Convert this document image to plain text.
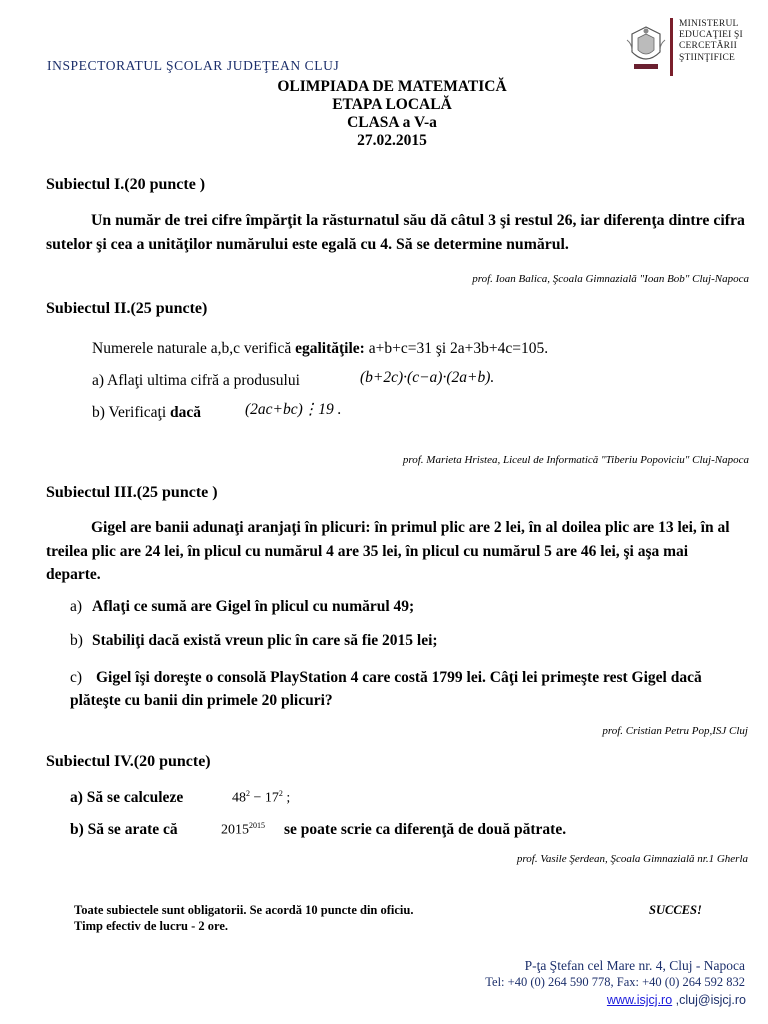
INSPECTORATUL ŞCOLAR JUDEŢEAN CLUJ
MINISTERUL
EDUCAŢIEI ŞI
CERCETĂRII
ŞTIINŢIFICE
OLIMPIADA DE MATEMATICĂ
ETAPA LOCALĂ
CLASA a V-a
27.02.2015
Subiectul I.(20 puncte )
Un număr de trei cifre împărţit la răsturnatul său dă câtul 3 şi restul 26, iar diferenţa dintre cifra sutelor şi cea a unităţilor numărului este egală cu 4. Să se determine numărul.
prof. Ioan Balica, Şcoala Gimnazială "Ioan Bob" Cluj-Napoca
Subiectul II.(25 puncte)
Numerele naturale a,b,c verifică egalităţile: a+b+c=31 şi 2a+3b+4c=105.
a) Aflaţi ultima cifră a produsului	(b+2c)·(c−a)·(2a+b).
b) Verificaţi dacă	(2ac+bc)⋮19 .
prof. Marieta Hristea, Liceul de Informatică "Tiberiu Popoviciu" Cluj-Napoca
Subiectul III.(25 puncte )
Gigel are banii adunaţi aranjaţi în plicuri: în primul plic are 2 lei, în al doilea plic are 13 lei, în al treilea plic are 24 lei, în plicul cu numărul 4 are 35 lei, în plicul cu numărul 5 are 46 lei, şi aşa mai departe.
a) Aflaţi ce sumă are Gigel în plicul cu numărul 49;
b) Stabiliţi dacă există vreun plic în care să fie 2015 lei;
c) Gigel îşi doreşte o consolă PlayStation 4 care costă 1799 lei. Câţi lei primeşte rest Gigel dacă plăteşte cu banii din primele 20 plicuri?
prof. Cristian Petru Pop,ISJ Cluj
Subiectul IV.(20 puncte)
a) Să se calculeze	$48^2 - 17^2$ ;
b) Să se arate că	$2015^{2015}$ se poate scrie ca diferenţă de două pătrate.
prof. Vasile Şerdean, Şcoala Gimnazială nr.1 Gherla
Toate subiectele sunt obligatorii. Se acordă 10 puncte din oficiu.	SUCCES!
Timp efectiv de lucru - 2 ore.
P-ţa Ştefan cel Mare nr. 4, Cluj - Napoca
Tel: +40 (0) 264 590 778, Fax: +40 (0) 264 592 832
www.isjcj.ro ,cluj@isjcj.ro
